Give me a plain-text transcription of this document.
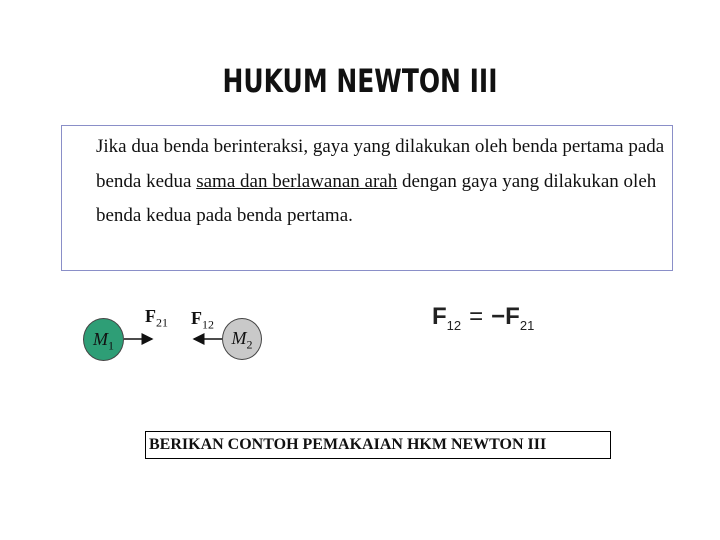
HUKUM NEWTON III

Jika dua benda berinteraksi, gaya yang dilakukan oleh benda pertama pada benda kedua sama dan berlawanan arah dengan gaya yang dilakukan oleh benda kedua pada benda pertama.

$M_1$	$M_2$
$F_{21}$ $F_{12}$	$F_{12} = -F_{21}$
BERIKAN CONTOH PEMAKAIAN HKM NEWTON III
